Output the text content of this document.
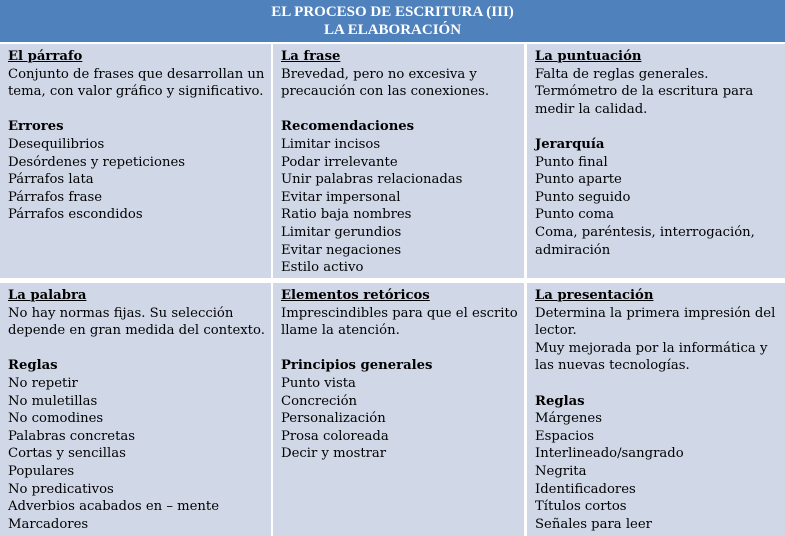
EL PROCESO DE ESCRITURA (III)
LA ELABORACIÓN
El párrafo
Conjunto de frases que desarrollan un
tema, con valor gráfico y significativo.
Errores
Desequilibrios
Desórdenes y repeticiones
Párrafos lata
Párrafos frase
Párrafos escondidos
La frase
Brevedad, pero no excesiva y
precaución con las conexiones.
Recomendaciones
Limitar incisos
Podar irrelevante
Unir palabras relacionadas
Evitar impersonal
Ratio baja nombres
Limitar gerundios
Evitar negaciones
Estilo activo
La puntuación
Falta de reglas generales.
Termómetro de la escritura para
medir la calidad.
Jerarquía
Punto final
Punto aparte
Punto seguido
Punto coma
Coma, paréntesis, interrogación,
admiración
La palabra
No hay normas fijas. Su selección
depende en gran medida del contexto.
Reglas
No repetir
No muletillas
No comodines
Palabras concretas
Cortas y sencillas
Populares
No predicativos
Adverbios acabados en – mente
Marcadores
Elementos retóricos
Imprescindibles para que el escrito
llame la atención.
Principios generales
Punto vista
Concreción
Personalización
Prosa coloreada
Decir y mostrar
La presentación
Determina la primera impresión del
lector.
Muy mejorada por la informática y
las nuevas tecnologías.
Reglas
Márgenes
Espacios
Interlineado/sangrado
Negrita
Identificadores
Títulos cortos
Señales para leer
